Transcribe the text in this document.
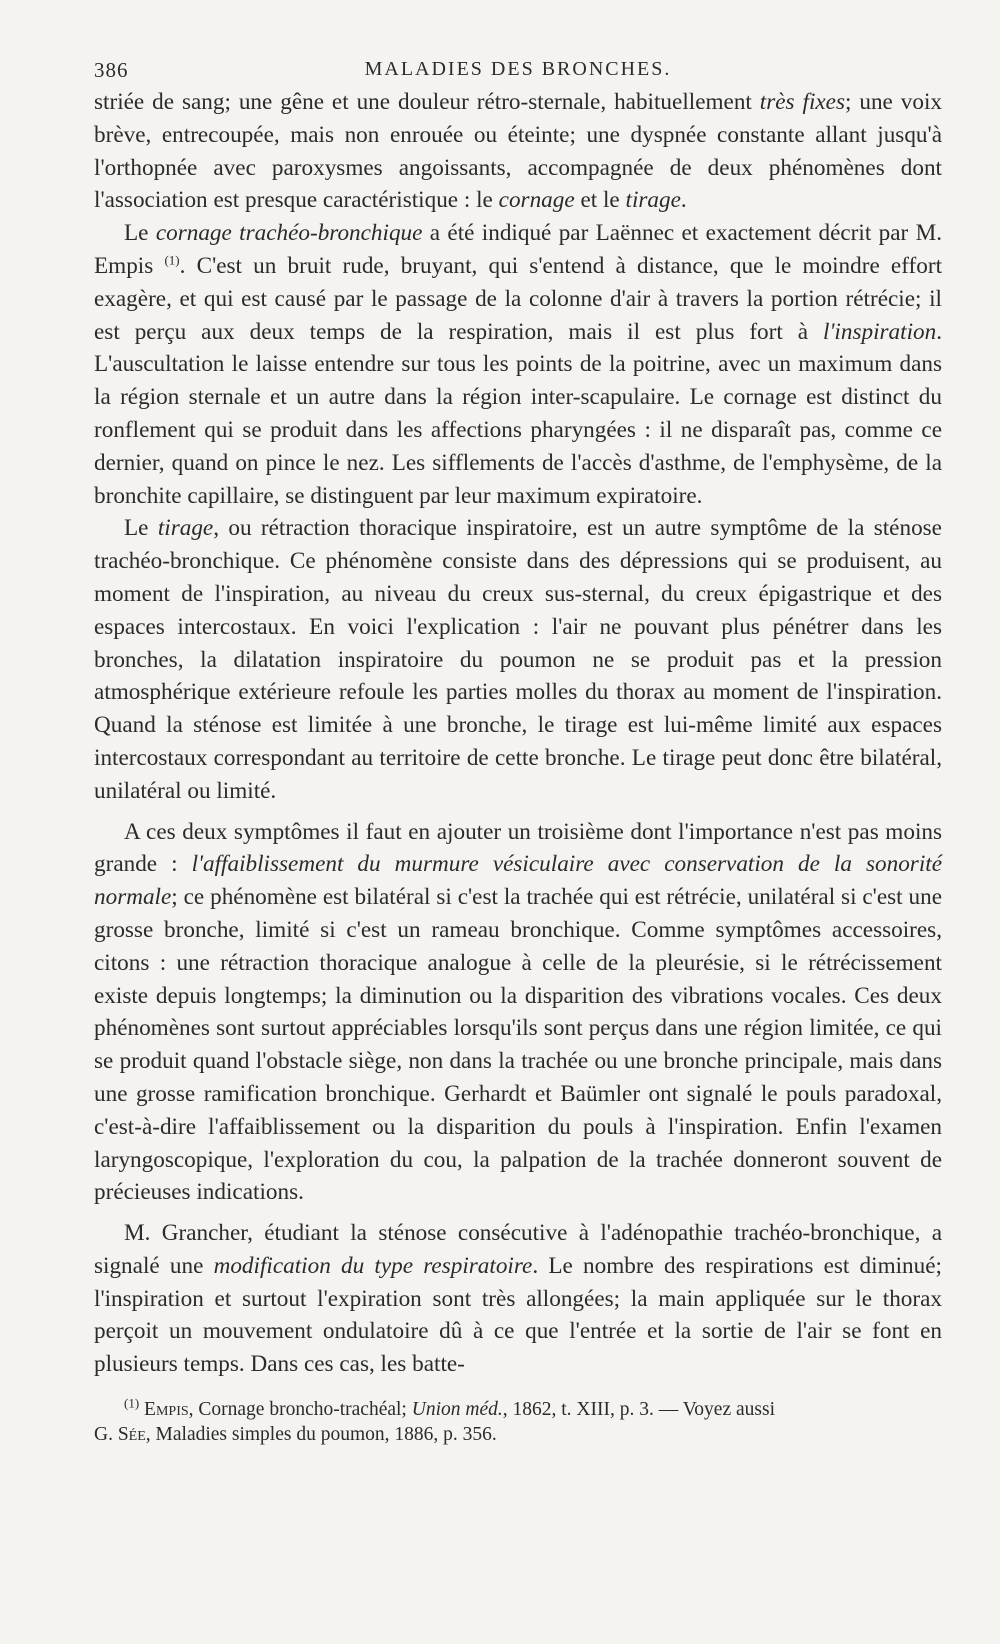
386	MALADIES DES BRONCHES.

striée de sang; une gêne et une douleur rétro-sternale, habituellement très fixes; une voix brève, entrecoupée, mais non enrouée ou éteinte; une dyspnée constante allant jusqu'à l'orthopnée avec paroxysmes angoissants, accompagnée de deux phénomènes dont l'association est presque caractéristique : le cornage et le tirage.

Le cornage trachéo-bronchique a été indiqué par Laënnec et exactement décrit par M. Empis $^{(1)}$. C'est un bruit rude, bruyant, qui s'entend à distance, que le moindre effort exagère, et qui est causé par le passage de la colonne d'air à travers la portion rétrécie; il est perçu aux deux temps de la respiration, mais il est plus fort à l'inspiration. L'auscultation le laisse entendre sur tous les points de la poitrine, avec un maximum dans la région sternale et un autre dans la région inter-scapulaire. Le cornage est distinct du ronflement qui se produit dans les affections pharyngées : il ne disparaît pas, comme ce dernier, quand on pince le nez. Les sifflements de l'accès d'asthme, de l'emphysème, de la bronchite capillaire, se distinguent par leur maximum expiratoire.

Le tirage, ou rétraction thoracique inspiratoire, est un autre symptôme de la sténose trachéo-bronchique. Ce phénomène consiste dans des dépressions qui se produisent, au moment de l'inspiration, au niveau du creux sus-sternal, du creux épigastrique et des espaces intercostaux. En voici l'explication : l'air ne pouvant plus pénétrer dans les bronches, la dilatation inspiratoire du poumon ne se produit pas et la pression atmosphérique extérieure refoule les parties molles du thorax au moment de l'inspiration. Quand la sténose est limitée à une bronche, le tirage est lui-même limité aux espaces intercostaux correspondant au territoire de cette bronche. Le tirage peut donc être bilatéral, unilatéral ou limité.

A ces deux symptômes il faut en ajouter un troisième dont l'importance n'est pas moins grande : l'affaiblissement du murmure vésiculaire avec conservation de la sonorité normale; ce phénomène est bilatéral si c'est la trachée qui est rétrécie, unilatéral si c'est une grosse bronche, limité si c'est un rameau bronchique. Comme symptômes accessoires, citons : une rétraction thoracique analogue à celle de la pleurésie, si le rétrécissement existe depuis longtemps; la diminution ou la disparition des vibrations vocales. Ces deux phénomènes sont surtout appréciables lorsqu'ils sont perçus dans une région limitée, ce qui se produit quand l'obstacle siège, non dans la trachée ou une bronche principale, mais dans une grosse ramification bronchique. Gerhardt et Baümler ont signalé le pouls paradoxal, c'est-à-dire l'affaiblissement ou la disparition du pouls à l'inspiration. Enfin l'examen laryngoscopique, l'exploration du cou, la palpation de la trachée donneront souvent de précieuses indications.

M. Grancher, étudiant la sténose consécutive à l'adénopathie trachéo-bronchique, a signalé une modification du type respiratoire. Le nombre des respirations est diminué; l'inspiration et surtout l'expiration sont très allongées; la main appliquée sur le thorax perçoit un mouvement ondulatoire dû à ce que l'entrée et la sortie de l'air se font en plusieurs temps. Dans ces cas, les batte-

$^{(1)}$ Empis, Cornage broncho-trachéal; Union méd., 1862, t. XIII, p. 3. — Voyez aussi

G. Sée, Maladies simples du poumon, 1886, p. 356.
